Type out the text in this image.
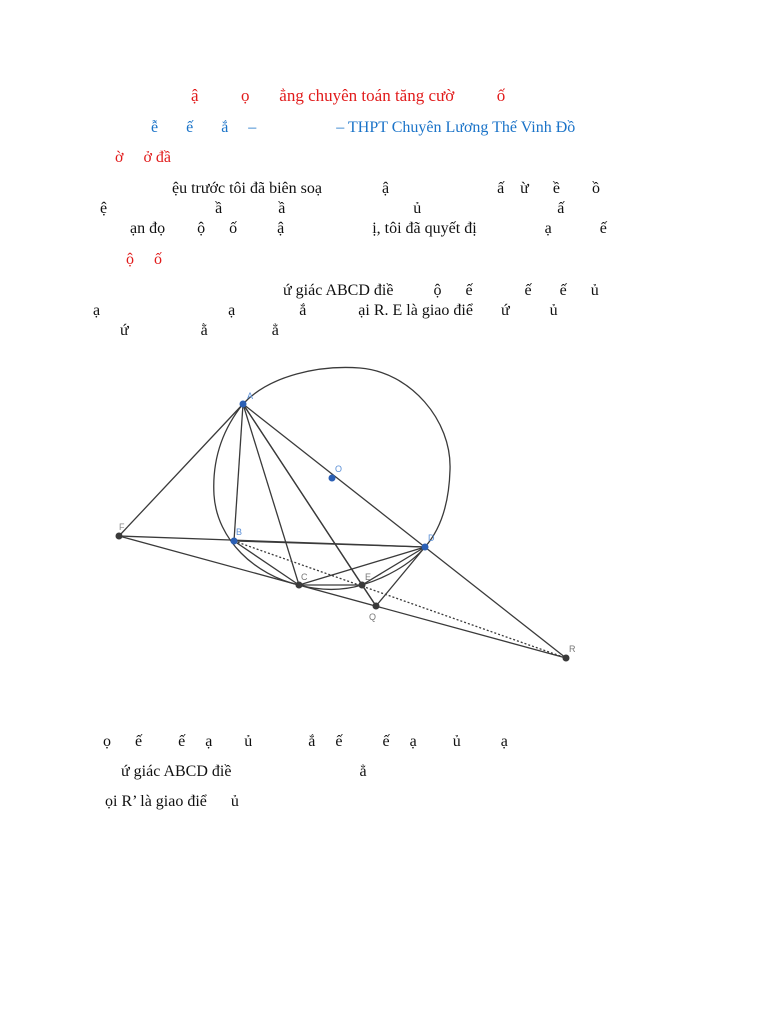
ậ          ọ       ẳng chuyên toán tăng cườ          ố
ễ       ế       ắ     –                    – THPT Chuyên Lương Thế Vinh Đồ
ờ     ở đầ
ệu trước tôi đã biên soạ               ậ                           ấ    ừ      ề        ồ
ệ                           ầ              ầ                                ủ                                  ấ
ạn đọ        ộ      ố          ậ                      ị, tôi đã quyết đị                 ạ            ế
ộ     ố
ứ giác ABCD điề          ộ      ế             ế       ế      ủ
ạ                                ạ                ắ             ại R. E là giao điể       ứ          ủ
ứ                  ằ                ẳ
A
B
D
O
F
C	E
Q
R
ọ      ế         ế     ạ        ủ              ắ     ế          ế     ạ         ủ          ạ
ứ giác ABCD điề                                ẳ
ọi R’ là giao điể      ủ
